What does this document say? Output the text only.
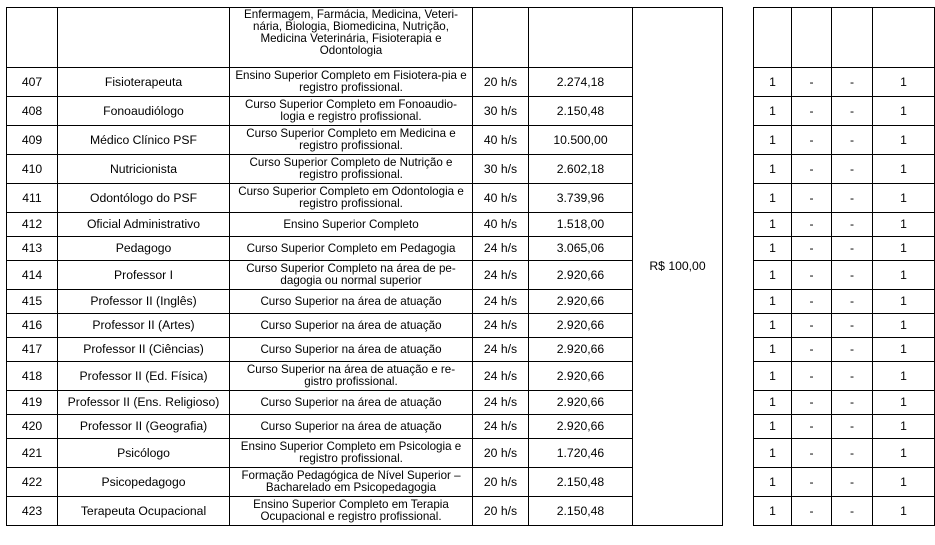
		Enfermagem, Farmácia, Medicina, Veteri-nária, Biologia, Biomedicina, Nutrição, Medicina Veterinária, Fisioterapia e Odontologia			R$ 100,00					
407	Fisioterapeuta	Ensino Superior Completo em Fisiotera-pia e registro profissional.	20 h/s	2.274,18			1	-	-	1
408	Fonoaudiólogo	Curso Superior Completo em Fonoaudio-logia e registro profissional.	30 h/s	2.150,48			1	-	-	1
409	Médico Clínico PSF	Curso Superior Completo em Medicina e registro profissional.	40 h/s	10.500,00			1	-	-	1
410	Nutricionista	Curso Superior Completo de Nutrição e registro profissional.	30 h/s	2.602,18			1	-	-	1
411	Odontólogo do PSF	Curso Superior Completo em Odontologia e registro profissional.	40 h/s	3.739,96			1	-	-	1
412	Oficial Administrativo	Ensino Superior Completo	40 h/s	1.518,00			1	-	-	1
413	Pedagogo	Curso Superior Completo em Pedagogia	24 h/s	3.065,06			1	-	-	1
414	Professor I	Curso Superior Completo na área de pe-dagogia ou normal superior	24 h/s	2.920,66			1	-	-	1
415	Professor II (Inglês)	Curso Superior na área de atuação	24 h/s	2.920,66			1	-	-	1
416	Professor II (Artes)	Curso Superior na área de atuação	24 h/s	2.920,66			1	-	-	1
417	Professor II (Ciências)	Curso Superior na área de atuação	24 h/s	2.920,66			1	-	-	1
418	Professor II (Ed. Física)	Curso Superior na área de atuação e re-gistro profissional.	24 h/s	2.920,66			1	-	-	1
419	Professor II (Ens. Religioso)	Curso Superior na área de atuação	24 h/s	2.920,66			1	-	-	1
420	Professor II (Geografia)	Curso Superior na área de atuação	24 h/s	2.920,66			1	-	-	1
421	Psicólogo	Ensino Superior Completo em Psicologia e registro profissional.	20 h/s	1.720,46			1	-	-	1
422	Psicopedagogo	Formação Pedagógica de Nível Superior – Bacharelado em Psicopedagogia	20 h/s	2.150,48			1	-	-	1
423	Terapeuta Ocupacional	Ensino Superior Completo em Terapia Ocupacional e registro profissional.	20 h/s	2.150,48			1	-	-	1
